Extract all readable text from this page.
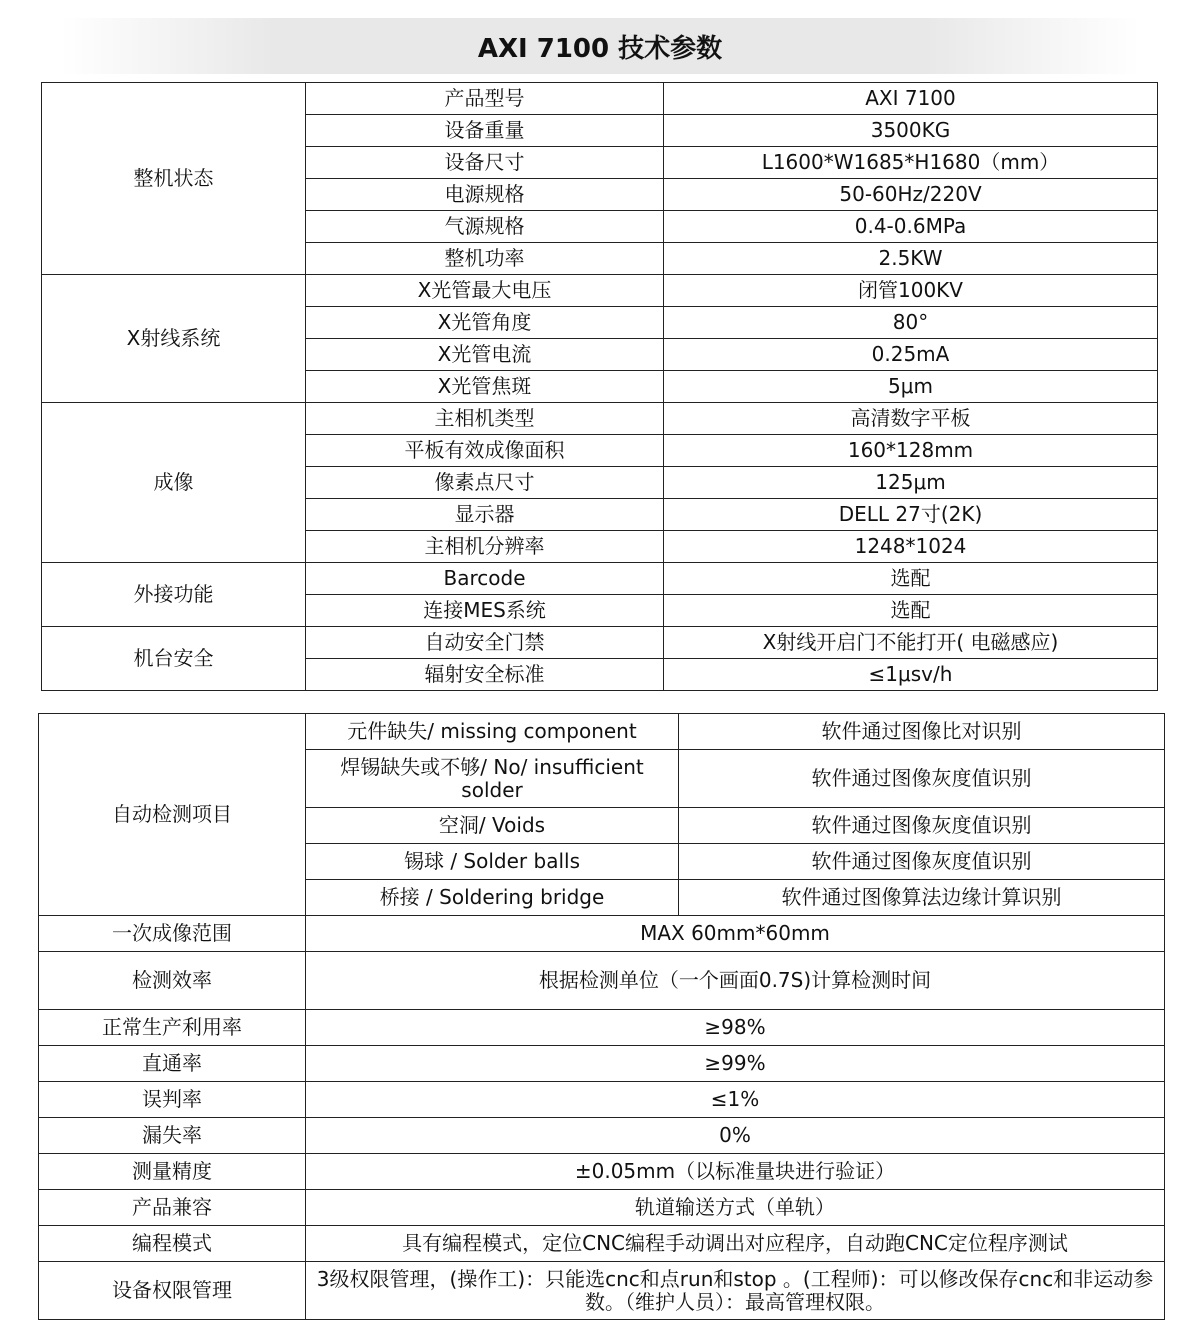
AXI 7100 技术参数
整机状态	产品型号	AXI 7100
	设备重量	3500KG
	设备尺寸	L1600*W1685*H1680（mm）
	电源规格	50-60Hz/220V
	气源规格	0.4-0.6MPa
	整机功率	2.5KW
X射线系统	X光管最大电压	闭管100KV
	X光管角度	80°
	X光管电流	0.25mA
	X光管焦斑	5μm
成像	主相机类型	高清数字平板
	平板有效成像面积	160*128mm
	像素点尺寸	125μm
	显示器	DELL 27寸(2K)
	主相机分辨率	1248*1024
外接功能	Barcode	选配
	连接MES系统	选配
机台安全	自动安全门禁	X射线开启门不能打开( 电磁感应)
	辐射安全标准	≤1μsv/h
自动检测项目	元件缺失/ missing component	软件通过图像比对识别
	焊锡缺失或不够/ No/ insufficient solder	软件通过图像灰度值识别
	空洞/ Voids	软件通过图像灰度值识别
	锡球 / Solder balls	软件通过图像灰度值识别
	桥接 / Soldering bridge	软件通过图像算法边缘计算识别
一次成像范围	MAX 60mm*60mm	
检测效率	根据检测单位（一个画面0.7S)计算检测时间	
正常生产利用率	≥98%	
直通率	≥99%	
误判率	≤1%	
漏失率	0%	
测量精度	±0.05mm（以标准量块进行验证）	
产品兼容	轨道输送方式（单轨）	
编程模式	具有编程模式，定位CNC编程手动调出对应程序，自动跑CNC定位程序测试	
设备权限管理	3级权限管理，(操作工)：只能选cnc和点run和stop 。(工程师)：可以修改保存cnc和非运动参数。（维护人员）：最高管理权限。	
